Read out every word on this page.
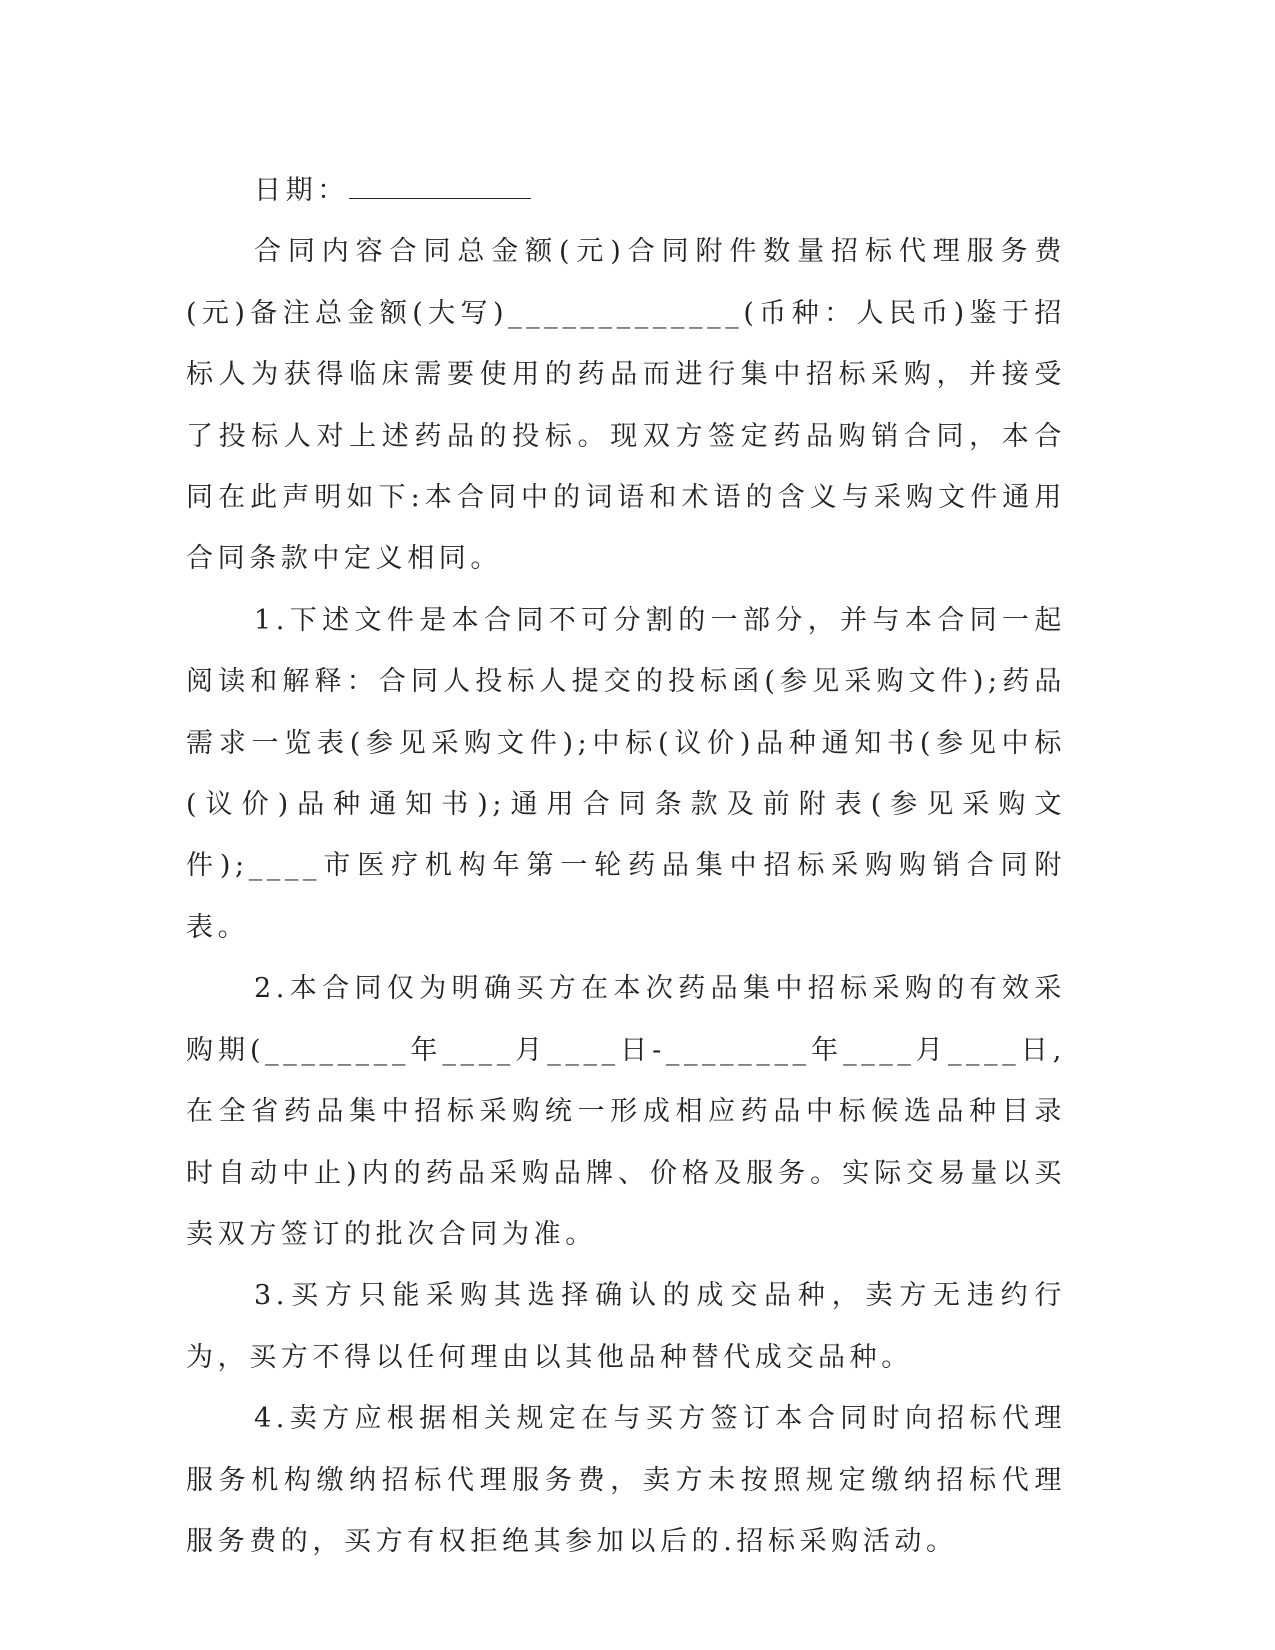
日期：

合同内容合同总金额(元)合同附件数量招标代理服务费(元)备注总金额(大写)_____________(币种：人民币)鉴于招标人为获得临床需要使用的药品而进行集中招标采购，并接受了投标人对上述药品的投标。现双方签定药品购销合同，本合同在此声明如下:本合同中的词语和术语的含义与采购文件通用合同条款中定义相同。

1.下述文件是本合同不可分割的一部分，并与本合同一起阅读和解释：合同人投标人提交的投标函(参见采购文件);药品需求一览表(参见采购文件);中标(议价)品种通知书(参见中标(议价)品种通知书);通用合同条款及前附表(参见采购文件);____市医疗机构年第一轮药品集中招标采购购销合同附表。

2.本合同仅为明确买方在本次药品集中招标采购的有效采购期(________年____月____日-________年____月____日,在全省药品集中招标采购统一形成相应药品中标候选品种目录时自动中止)内的药品采购品牌、价格及服务。实际交易量以买卖双方签订的批次合同为准。

3.买方只能采购其选择确认的成交品种，卖方无违约行为，买方不得以任何理由以其他品种替代成交品种。

4.卖方应根据相关规定在与买方签订本合同时向招标代理服务机构缴纳招标代理服务费，卖方未按照规定缴纳招标代理服务费的，买方有权拒绝其参加以后的.招标采购活动。
